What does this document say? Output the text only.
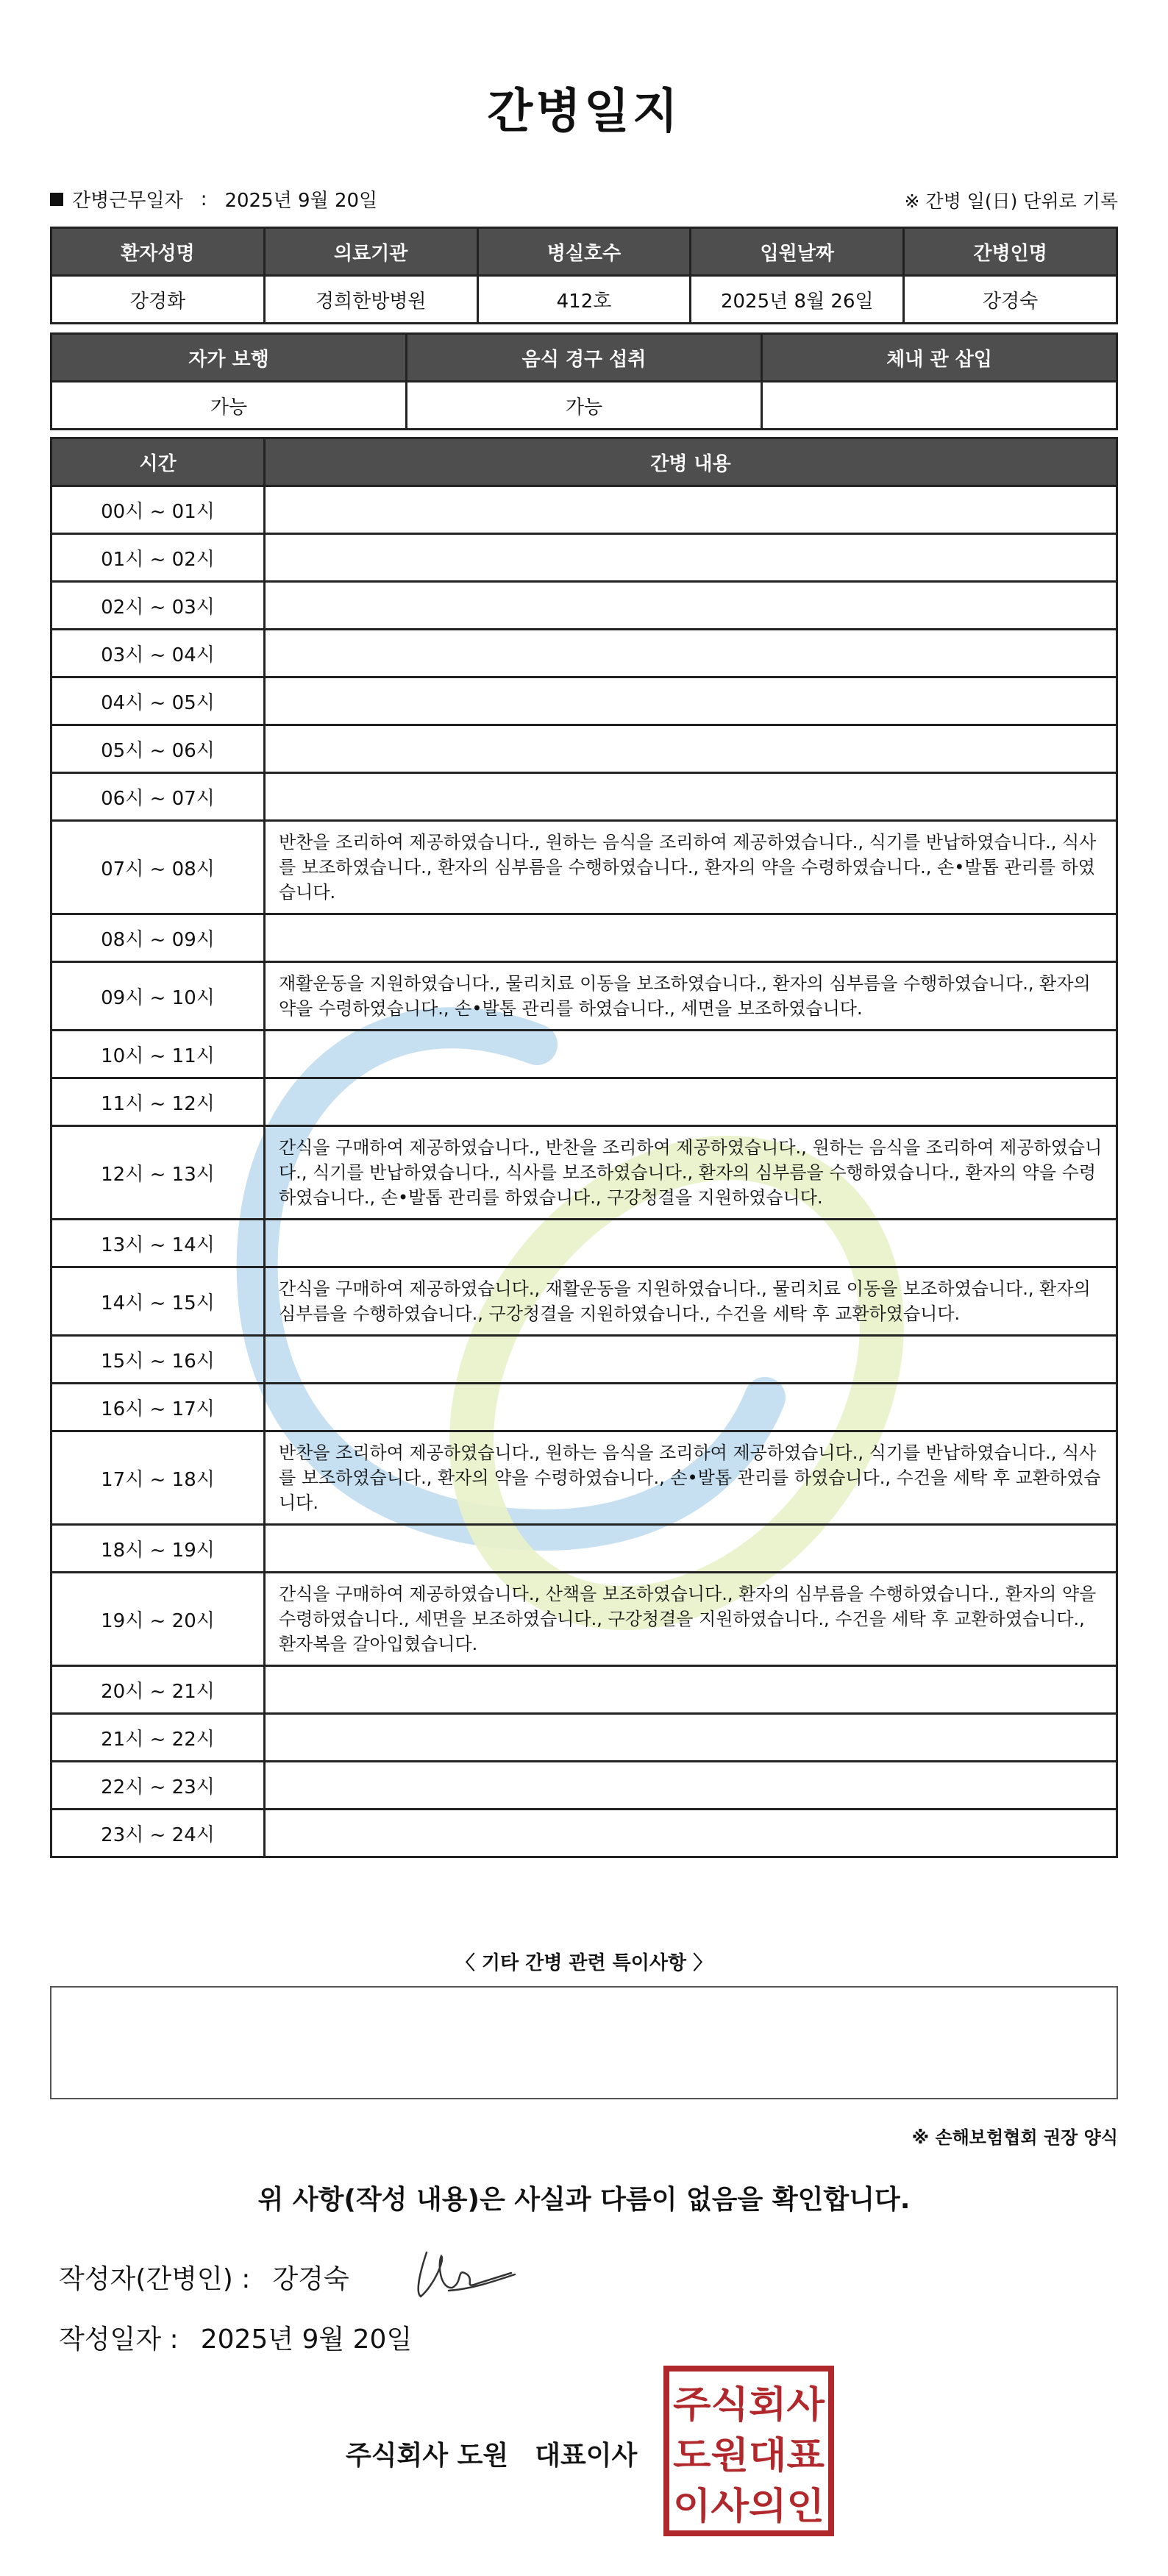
간병일지
간병근무일자 : 2025년 9월 20일	※ 간병 일(日) 단위로 기록
환자성명	의료기관	병실호수	입원날짜	간병인명
강경화	경희한방병원	412호	2025년 8월 26일	강경숙
자가 보행	음식 경구 섭취	체내 관 삽입
가능	가능	
시간	간병 내용
00시 ~ 01시	
01시 ~ 02시	
02시 ~ 03시	
03시 ~ 04시	
04시 ~ 05시	
05시 ~ 06시	
06시 ~ 07시	
07시 ~ 08시	반찬을 조리하여 제공하였습니다., 원하는 음식을 조리하여 제공하였습니다., 식기를 반납하였습니다., 식사를 보조하였습니다., 환자의 심부름을 수행하였습니다., 환자의 약을 수령하였습니다., 손•발톱 관리를 하였습니다.
08시 ~ 09시	
09시 ~ 10시	재활운동을 지원하였습니다., 물리치료 이동을 보조하였습니다., 환자의 심부름을 수행하였습니다., 환자의 약을 수령하였습니다., 손•발톱 관리를 하였습니다., 세면을 보조하였습니다.
10시 ~ 11시	
11시 ~ 12시	
12시 ~ 13시	간식을 구매하여 제공하였습니다., 반찬을 조리하여 제공하였습니다., 원하는 음식을 조리하여 제공하였습니다., 식기를 반납하였습니다., 식사를 보조하였습니다., 환자의 심부름을 수행하였습니다., 환자의 약을 수령하였습니다., 손•발톱 관리를 하였습니다., 구강청결을 지원하였습니다.
13시 ~ 14시	
14시 ~ 15시	간식을 구매하여 제공하였습니다., 재활운동을 지원하였습니다., 물리치료 이동을 보조하였습니다., 환자의 심부름을 수행하였습니다., 구강청결을 지원하였습니다., 수건을 세탁 후 교환하였습니다.
15시 ~ 16시	
16시 ~ 17시	
17시 ~ 18시	반찬을 조리하여 제공하였습니다., 원하는 음식을 조리하여 제공하였습니다., 식기를 반납하였습니다., 식사를 보조하였습니다., 환자의 약을 수령하였습니다., 손•발톱 관리를 하였습니다., 수건을 세탁 후 교환하였습니다.
18시 ~ 19시	
19시 ~ 20시	간식을 구매하여 제공하였습니다., 산책을 보조하였습니다., 환자의 심부름을 수행하였습니다., 환자의 약을 수령하였습니다., 세면을 보조하였습니다., 구강청결을 지원하였습니다., 수건을 세탁 후 교환하였습니다., 환자복을 갈아입혔습니다.
20시 ~ 21시	
21시 ~ 22시	
22시 ~ 23시	
23시 ~ 24시	
〈 기타 간병 관련 특이사항 〉
※ 손해보험협회 권장 양식
위 사항(작성 내용)은 사실과 다름이 없음을 확인합니다.
작성자(간병인) : 강경숙
작성일자 : 2025년 9월 20일
주식회사 도원 대표이사
주식회사
도원대표
이사의인
